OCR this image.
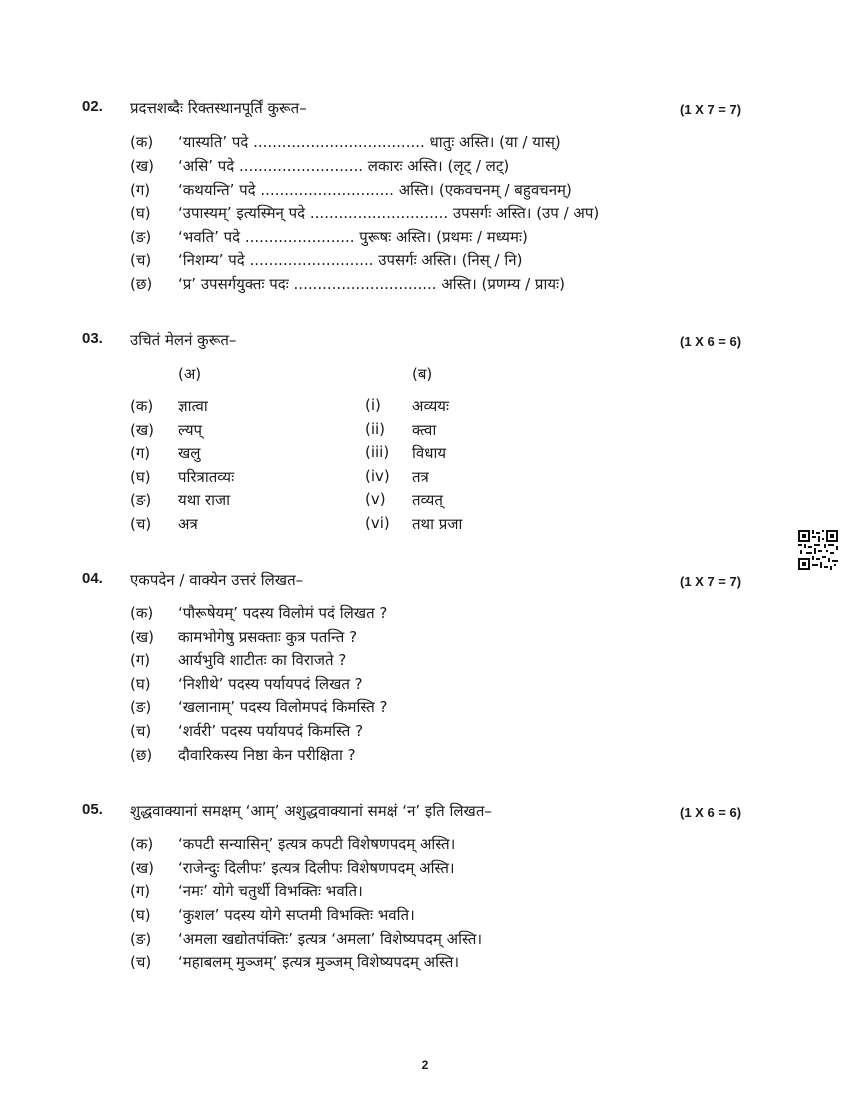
02. प्रदत्तशब्दैः रिक्तस्थानपूर्तिं कुरूत–	(1 X 7 = 7)
(क) ‘यास्यति’ पदे .................................... धातुः अस्ति। (या / यास्)
(ख) ‘असि’ पदे .......................... लकारः अस्ति। (लृट् / लट्)
(ग) ‘कथयन्ति’ पदे ............................ अस्ति। (एकवचनम् / बहुवचनम्)
(घ) ‘उपास्यम्’ इत्यस्मिन् पदे ............................. उपसर्गः अस्ति। (उप / अप)
(ङ) ‘भवति’ पदे ....................... पुरूषः अस्ति। (प्रथमः / मध्यमः)
(च) ‘निशम्य’ पदे .......................... उपसर्गः अस्ति। (निस् / नि)
(छ) ‘प्र’ उपसर्गयुक्तः पदः .............................. अस्ति। (प्रणम्य / प्रायः)
03. उचितं मेलनं कुरूत–	(1 X 6 = 6)
(अ)	(ब)
(क) ज्ञात्वा	(i) अव्ययः
(ख) ल्यप्	(ii) क्त्वा
(ग) खलु	(iii) विधाय
(घ) परित्रातव्यः	(iv) तत्र
(ङ) यथा राजा	(v) तव्यत्
(च) अत्र	(vi) तथा प्रजा
04. एकपदेन / वाक्येन उत्तरं लिखत–	(1 X 7 = 7)
(क) ‘पौरूषेयम्’ पदस्य विलोमं पदं लिखत ?
(ख) कामभोगेषु प्रसक्ताः कुत्र पतन्ति ?
(ग) आर्यभुवि शाटीतः का विराजते ?
(घ) ‘निशीथे’ पदस्य पर्यायपदं लिखत ?
(ङ) ‘खलानाम्’ पदस्य विलोमपदं किमस्ति ?
(च) ‘शर्वरी’ पदस्य पर्यायपदं किमस्ति ?
(छ) दौवारिकस्य निष्ठा केन परीक्षिता ?
05. शुद्धवाक्यानां समक्षम् ‘आम्’ अशुद्धवाक्यानां समक्षं ‘न’ इति लिखत–	(1 X 6 = 6)
(क) ‘कपटी सन्यासिन्’ इत्यत्र कपटी विशेषणपदम् अस्ति।
(ख) ‘राजेन्दुः दिलीपः’ इत्यत्र दिलीपः विशेषणपदम् अस्ति।
(ग) ‘नमः’ योगे चतुर्थी विभक्तिः भवति।
(घ) ‘कुशल’ पदस्य योगे सप्तमी विभक्तिः भवति।
(ङ) ‘अमला खद्योतपंक्तिः’ इत्यत्र ‘अमला’ विशेष्यपदम् अस्ति।
(च) ‘महाबलम् मुञ्जम्’ इत्यत्र मुञ्जम् विशेष्यपदम् अस्ति।
2
